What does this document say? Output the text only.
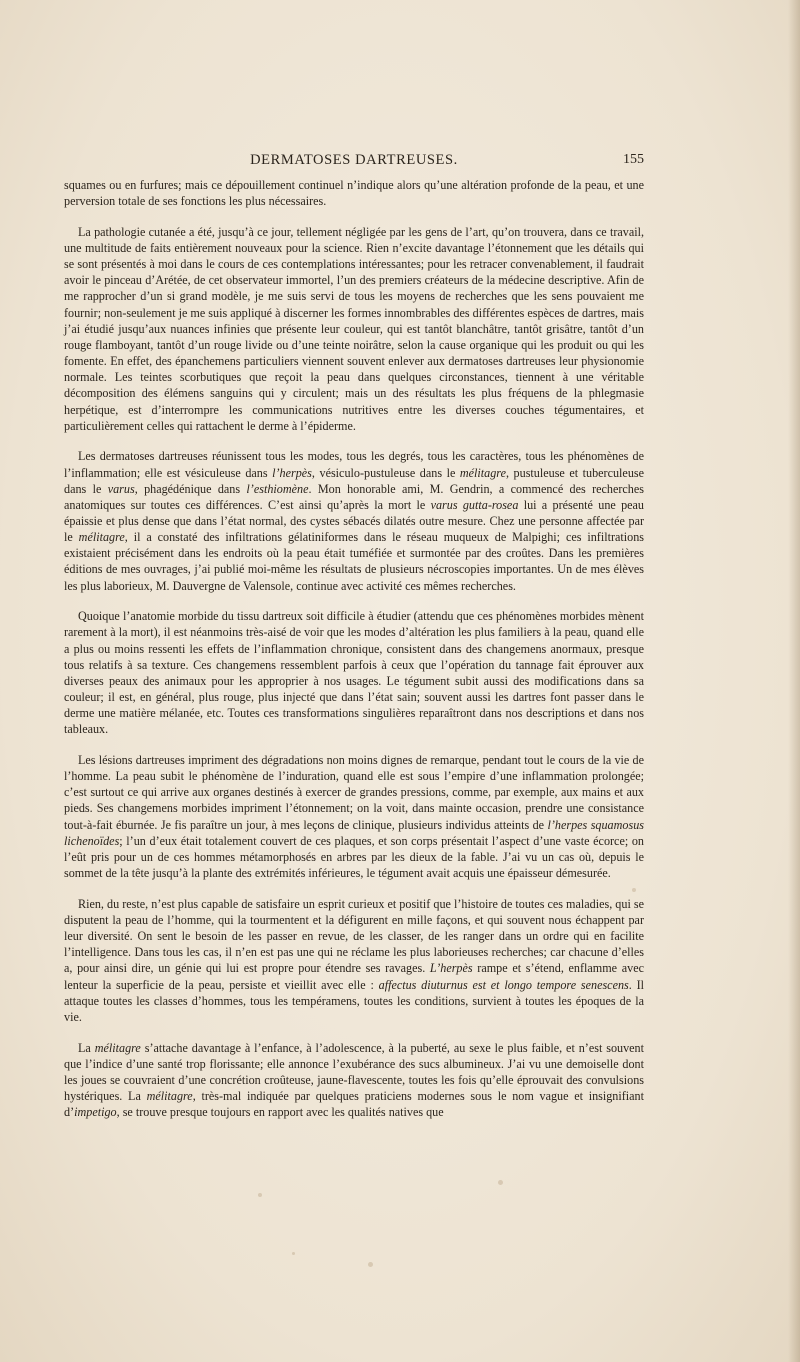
DERMATOSES DARTREUSES.	155

squames ou en furfures; mais ce dépouillement continuel n’indique alors qu’une altération profonde de la peau, et une perversion totale de ses fonctions les plus nécessaires.

La pathologie cutanée a été, jusqu’à ce jour, tellement négligée par les gens de l’art, qu’on trouvera, dans ce travail, une multitude de faits entièrement nouveaux pour la science. Rien n’excite davantage l’étonnement que les détails qui se sont présentés à moi dans le cours de ces contemplations intéressantes; pour les retracer convenablement, il faudrait avoir le pinceau d’Arétée, de cet observateur immortel, l’un des premiers créateurs de la médecine descriptive. Afin de me rapprocher d’un si grand modèle, je me suis servi de tous les moyens de recherches que les sens pouvaient me fournir; non-seulement je me suis appliqué à discerner les formes innombrables des différentes espèces de dartres, mais j’ai étudié jusqu’aux nuances infinies que présente leur couleur, qui est tantôt blanchâtre, tantôt grisâtre, tantôt d’un rouge flamboyant, tantôt d’un rouge livide ou d’une teinte noirâtre, selon la cause organique qui les produit ou qui les fomente. En effet, des épanchemens particuliers viennent souvent enlever aux dermatoses dartreuses leur physionomie normale. Les teintes scorbutiques que reçoit la peau dans quelques circonstances, tiennent à une véritable décomposition des élémens sanguins qui y circulent; mais un des résultats les plus fréquens de la phlegmasie herpétique, est d’interrompre les communications nutritives entre les diverses couches tégumentaires, et particulièrement celles qui rattachent le derme à l’épiderme.

Les dermatoses dartreuses réunissent tous les modes, tous les degrés, tous les caractères, tous les phénomènes de l’inflammation; elle est vésiculeuse dans l’herpès, vésiculo-pustuleuse dans le mélitagre, pustuleuse et tuberculeuse dans le varus, phagédénique dans l’esthiomène. Mon honorable ami, M. Gendrin, a commencé des recherches anatomiques sur toutes ces différences. C’est ainsi qu’après la mort le varus gutta-rosea lui a présenté une peau épaissie et plus dense que dans l’état normal, des cystes sébacés dilatés outre mesure. Chez une personne affectée par le mélitagre, il a constaté des infiltrations gélatiniformes dans le réseau muqueux de Malpighi; ces infiltrations existaient précisément dans les endroits où la peau était tuméfiée et surmontée par des croûtes. Dans les premières éditions de mes ouvrages, j’ai publié moi-même les résultats de plusieurs nécroscopies importantes. Un de mes élèves les plus laborieux, M. Dauvergne de Valensole, continue avec activité ces mêmes recherches.

Quoique l’anatomie morbide du tissu dartreux soit difficile à étudier (attendu que ces phénomènes morbides mènent rarement à la mort), il est néanmoins très-aisé de voir que les modes d’altération les plus familiers à la peau, quand elle a plus ou moins ressenti les effets de l’inflammation chronique, consistent dans des changemens anormaux, presque tous relatifs à sa texture. Ces changemens ressemblent parfois à ceux que l’opération du tannage fait éprouver aux diverses peaux des animaux pour les approprier à nos usages. Le tégument subit aussi des modifications dans sa couleur; il est, en général, plus rouge, plus injecté que dans l’état sain; souvent aussi les dartres font passer dans le derme une matière mélanée, etc. Toutes ces transformations singulières reparaîtront dans nos descriptions et dans nos tableaux.

Les lésions dartreuses impriment des dégradations non moins dignes de remarque, pendant tout le cours de la vie de l’homme. La peau subit le phénomène de l’induration, quand elle est sous l’empire d’une inflammation prolongée; c’est surtout ce qui arrive aux organes destinés à exercer de grandes pressions, comme, par exemple, aux mains et aux pieds. Ses changemens morbides impriment l’étonnement; on la voit, dans mainte occasion, prendre une consistance tout-à-fait éburnée. Je fis paraître un jour, à mes leçons de clinique, plusieurs individus atteints de l’herpes squamosus lichenoïdes; l’un d’eux était totalement couvert de ces plaques, et son corps présentait l’aspect d’une vaste écorce; on l’eût pris pour un de ces hommes métamorphosés en arbres par les dieux de la fable. J’ai vu un cas où, depuis le sommet de la tête jusqu’à la plante des extrémités inférieures, le tégument avait acquis une épaisseur démesurée.

Rien, du reste, n’est plus capable de satisfaire un esprit curieux et positif que l’histoire de toutes ces maladies, qui se disputent la peau de l’homme, qui la tourmentent et la défigurent en mille façons, et qui souvent nous échappent par leur diversité. On sent le besoin de les passer en revue, de les classer, de les ranger dans un ordre qui en facilite l’intelligence. Dans tous les cas, il n’en est pas une qui ne réclame les plus laborieuses recherches; car chacune d’elles a, pour ainsi dire, un génie qui lui est propre pour étendre ses ravages. L’herpès rampe et s’étend, enflamme avec lenteur la superficie de la peau, persiste et vieillit avec elle : affectus diuturnus est et longo tempore senescens. Il attaque toutes les classes d’hommes, tous les tempéramens, toutes les conditions, survient à toutes les époques de la vie.

La mélitagre s’attache davantage à l’enfance, à l’adolescence, à la puberté, au sexe le plus faible, et n’est souvent que l’indice d’une santé trop florissante; elle annonce l’exubérance des sucs albumineux. J’ai vu une demoiselle dont les joues se couvraient d’une concrétion croûteuse, jaune-flavescente, toutes les fois qu’elle éprouvait des convulsions hystériques. La mélitagre, très-mal indiquée par quelques praticiens modernes sous le nom vague et insignifiant d’impetigo, se trouve presque toujours en rapport avec les qualités natives que
